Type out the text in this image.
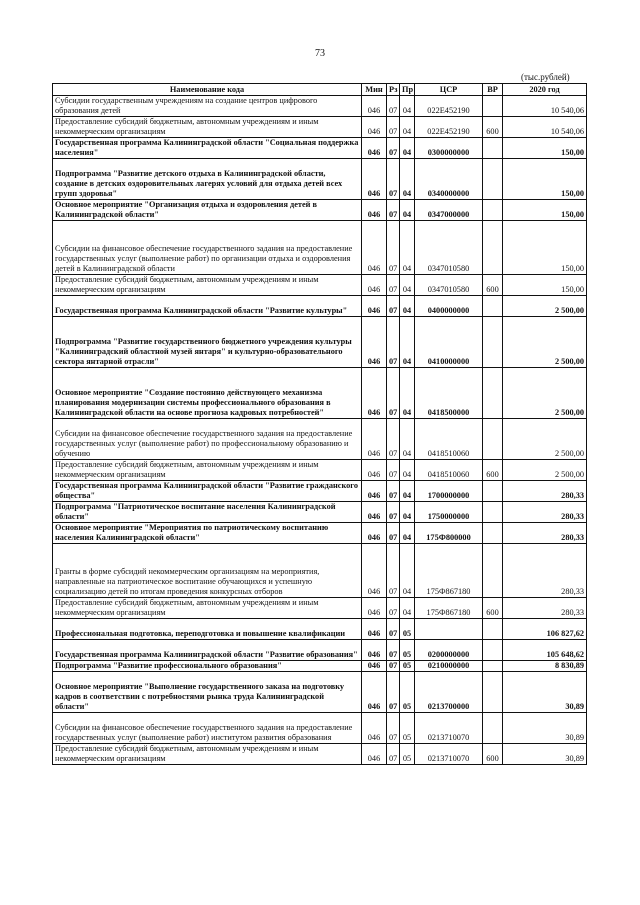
73
(тыс.рублей)
Наименование кода	Мин	Рз	Пр	ЦСР	ВР	2020 год
Субсидии государственным учреждениям на создание центров цифрового образования детей	046	07	04	022E452190		10 540,06
Предоставление субсидий бюджетным, автономным учреждениям и иным некоммерческим организациям	046	07	04	022E452190	600	10 540,06
Государственная программа Калининградской области "Социальная поддержка населения"	046	07	04	0300000000		150,00
Подпрограмма "Развитие детского отдыха в Калининградской области, создание в детских оздоровительных лагерях условий для отдыха детей всех групп здоровья"	046	07	04	0340000000		150,00
Основное мероприятие "Организация отдыха и оздоровления детей в Калининградской области"	046	07	04	0347000000		150,00
Субсидии на финансовое обеспечение государственного задания на предоставление государственных услуг (выполнение работ) по организации отдыха и оздоровления детей в Калининградской области	046	07	04	0347010580		150,00
Предоставление субсидий бюджетным, автономным учреждениям и иным некоммерческим организациям	046	07	04	0347010580	600	150,00
Государственная программа Калининградской области "Развитие культуры"	046	07	04	0400000000		2 500,00
Подпрограмма "Развитие государственного бюджетного учреждения культуры "Калининградский областной музей янтаря" и культурно-образовательного сектора янтарной отрасли"	046	07	04	0410000000		2 500,00
Основное мероприятие "Создание постоянно действующего механизма планирования модернизации системы профессионального образования в Калининградской области на основе прогноза кадровых потребностей"	046	07	04	0418500000		2 500,00
Субсидии на финансовое обеспечение государственного задания на предоставление государственных услуг (выполнение работ) по профессиональному образованию и обучению	046	07	04	0418510060		2 500,00
Предоставление субсидий бюджетным, автономным учреждениям и иным некоммерческим организациям	046	07	04	0418510060	600	2 500,00
Государственная программа Калининградской области "Развитие гражданского общества"	046	07	04	1700000000		280,33
Подпрограмма "Патриотическое воспитание населения Калининградской области"	046	07	04	1750000000		280,33
Основное мероприятие "Мероприятия по патриотическому воспитанию населения Калининградской области"	046	07	04	175Ф800000		280,33
Гранты в форме субсидий некоммерческим организациям на мероприятия, направленные на патриотическое воспитание обучающихся и успешную социализацию детей по итогам проведения конкурсных отборов	046	07	04	175Ф867180		280,33
Предоставление субсидий бюджетным, автономным учреждениям и иным некоммерческим организациям	046	07	04	175Ф867180	600	280,33
Профессиональная подготовка, переподготовка и повышение квалификации	046	07	05			106 827,62
Государственная программа Калининградской области "Развитие образования"	046	07	05	0200000000		105 648,62
Подпрограмма "Развитие профессионального образования"	046	07	05	0210000000		8 830,89
Основное мероприятие "Выполнение государственного заказа на подготовку кадров в соответствии с потребностями рынка труда Калининградской области"	046	07	05	0213700000		30,89
Субсидии на финансовое обеспечение государственного задания на предоставление государственных услуг (выполнение работ) институтом развития образования	046	07	05	0213710070		30,89
Предоставление субсидий бюджетным, автономным учреждениям и иным некоммерческим организациям	046	07	05	0213710070	600	30,89
